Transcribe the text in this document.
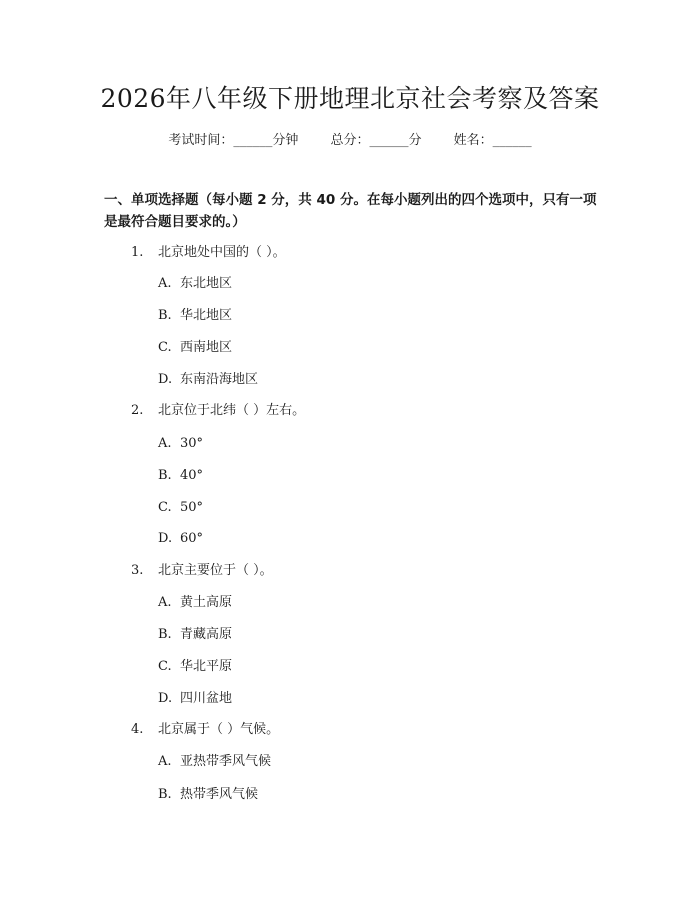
2026年八年级下册地理北京社会考察及答案
考试时间：______分钟 总分：______分 姓名：______
一、单项选择题（每小题 2 分，共 40 分。在每小题列出的四个选项中，只有一项是最符合题目要求的。）
1. 北京地处中国的（ ）。
A. 东北地区
B. 华北地区
C. 西南地区
D. 东南沿海地区
2. 北京位于北纬（ ）左右。
A. 30°
B. 40°
C. 50°
D. 60°
3. 北京主要位于（ ）。
A. 黄土高原
B. 青藏高原
C. 华北平原
D. 四川盆地
4. 北京属于（ ）气候。
A. 亚热带季风气候
B. 热带季风气候
